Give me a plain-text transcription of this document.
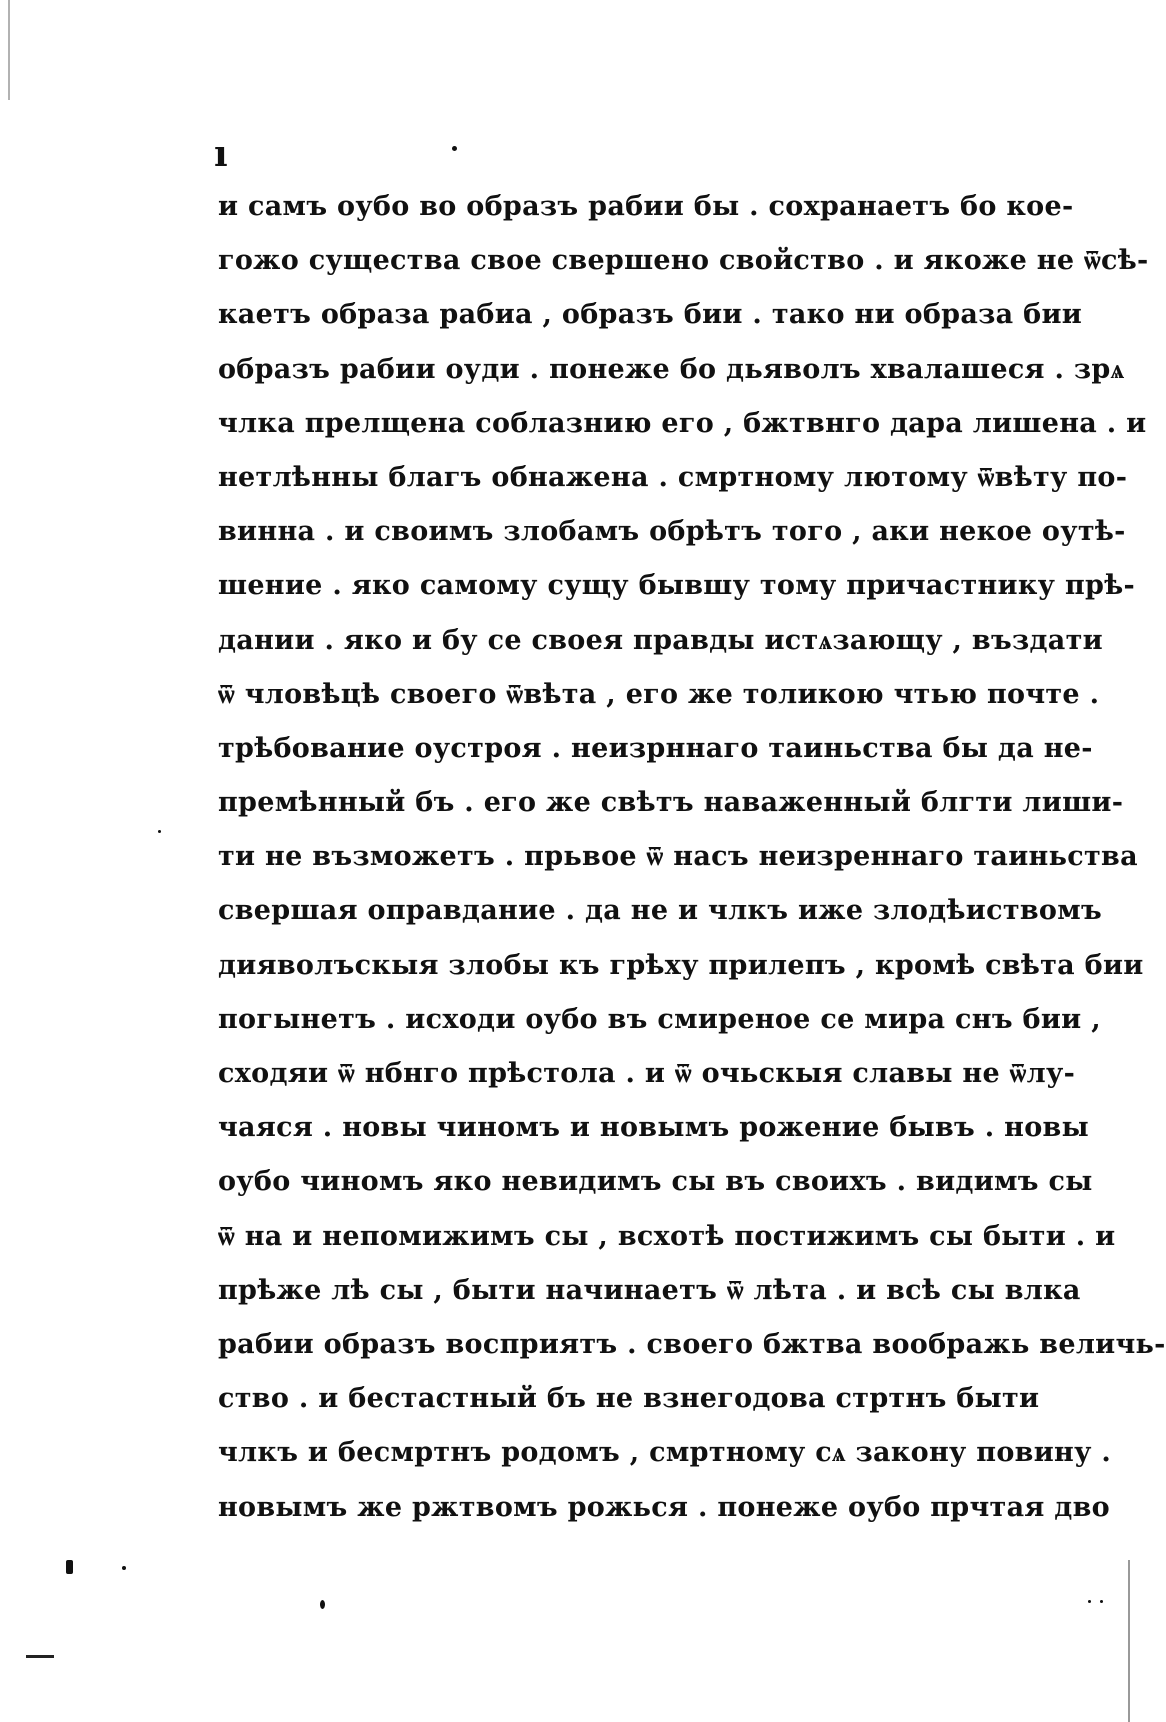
ı
и самъ оубо во образъ рабии бы . сохранаетъ бо кое-
гожо существа свое свершено свойство . и якоже не ѿсѣ-
каетъ образа рабиа , образъ бии . тако ни образа бии
образъ рабии оуди . понеже бо дьяволъ хвалашеся . зрѧ
члка прелщена соблазнию его , бжтвнго дара лишена . и
нетлѣнны благъ обнажена . смртному лютому ѿвѣту по-
винна . и своимъ злобамъ обрѣтъ того , аки некое оутѣ-
шение . яко самому сущу бывшу тому причастнику прѣ-
дании . яко и бу се своея правды истѧзающу , въздати
ѿ чловѣцѣ своего ѿвѣта , его же толикою чтью почте .
трѣбование оустроя . неизрннаго таиньства бы да не-
премѣнный бъ . его же свѣтъ наваженный блгти лиши-
ти не възможетъ . прьвое ѿ насъ неизреннаго таиньства
свершая оправдание . да не и члкъ иже злодѣиствомъ
дияволъскыя злобы къ грѣху прилепъ , кромѣ свѣта бии
погынетъ . исходи оубо въ смиреное се мира снъ бии ,
сходяи ѿ нбнго прѣстола . и ѿ очьскыя славы не ѿлу-
чаяся . новы чиномъ и новымъ рожение бывъ . новы
оубо чиномъ яко невидимъ сы въ своихъ . видимъ сы
ѿ на и непомижимъ сы , всхотѣ постижимъ сы быти . и
прѣже лѣ сы , быти начинаетъ ѿ лѣта . и всѣ сы влка
рабии образъ восприятъ . своего бжтва воображь величь-
ство . и бестастный бъ не взнегодова стртнъ быти
члкъ и бесмртнъ родомъ , смртному сѧ закону повину .
новымъ же ржтвомъ рожься . понеже оубо прчтая дво
